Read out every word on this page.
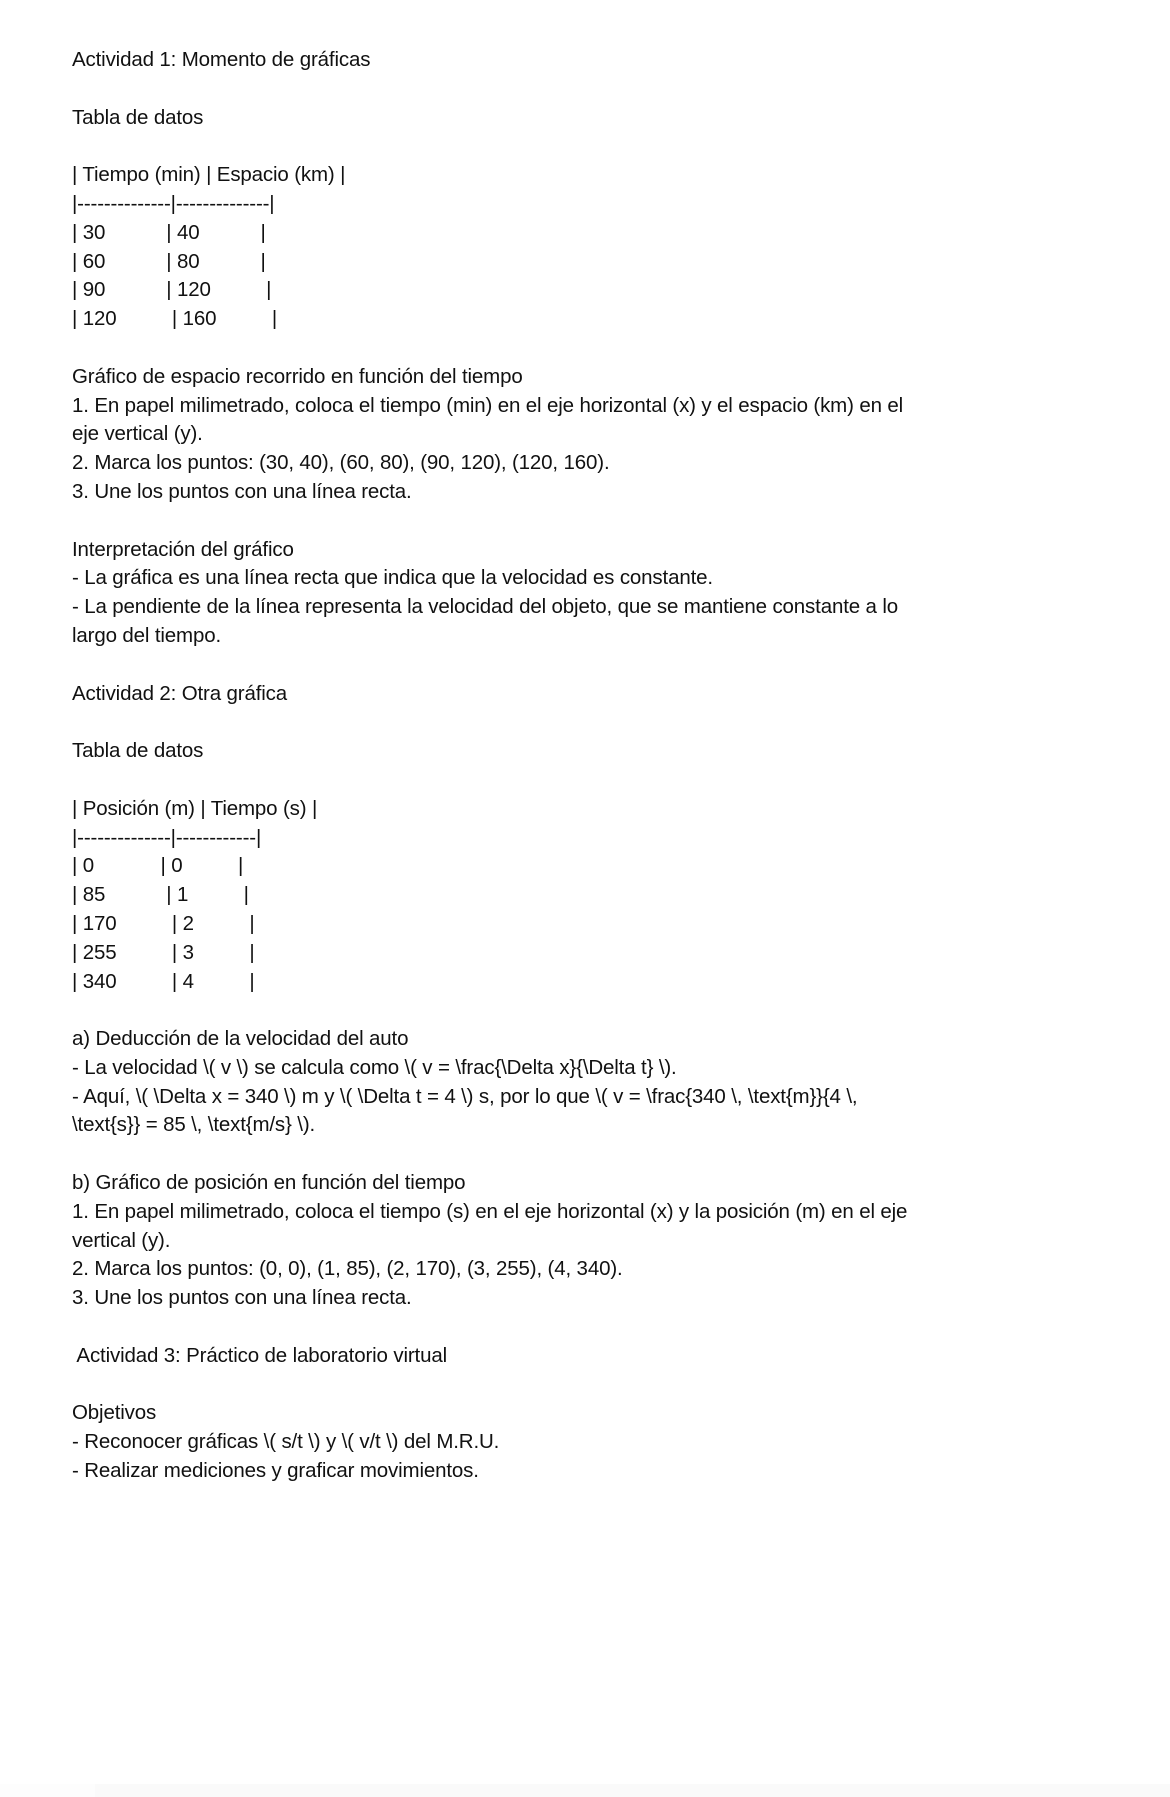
Actividad 1: Momento de gráficas
Tabla de datos
| Tiempo (min) | Espacio (km) |
|--------------|--------------|
| 30           | 40           |
| 60           | 80           |
| 90           | 120          |
| 120          | 160          |
Gráfico de espacio recorrido en función del tiempo
1. En papel milimetrado, coloca el tiempo (min) en el eje horizontal (x) y el espacio (km) en el
eje vertical (y).
2. Marca los puntos: (30, 40), (60, 80), (90, 120), (120, 160).
3. Une los puntos con una línea recta.
Interpretación del gráfico
- La gráfica es una línea recta que indica que la velocidad es constante.
- La pendiente de la línea representa la velocidad del objeto, que se mantiene constante a lo
largo del tiempo.
Actividad 2: Otra gráfica
Tabla de datos
| Posición (m) | Tiempo (s) |
|--------------|------------|
| 0            | 0          |
| 85           | 1          |
| 170          | 2          |
| 255          | 3          |
| 340          | 4          |
a) Deducción de la velocidad del auto
- La velocidad \( v \) se calcula como \( v = \frac{\Delta x}{\Delta t} \).
- Aquí, \( \Delta x = 340 \) m y \( \Delta t = 4 \) s, por lo que \( v = \frac{340 \, \text{m}}{4 \,
\text{s}} = 85 \, \text{m/s} \).
b) Gráfico de posición en función del tiempo
1. En papel milimetrado, coloca el tiempo (s) en el eje horizontal (x) y la posición (m) en el eje
vertical (y).
2. Marca los puntos: (0, 0), (1, 85), (2, 170), (3, 255), (4, 340).
3. Une los puntos con una línea recta.
Actividad 3: Práctico de laboratorio virtual
Objetivos
- Reconocer gráficas \( s/t \) y \( v/t \) del M.R.U.
- Realizar mediciones y graficar movimientos.
